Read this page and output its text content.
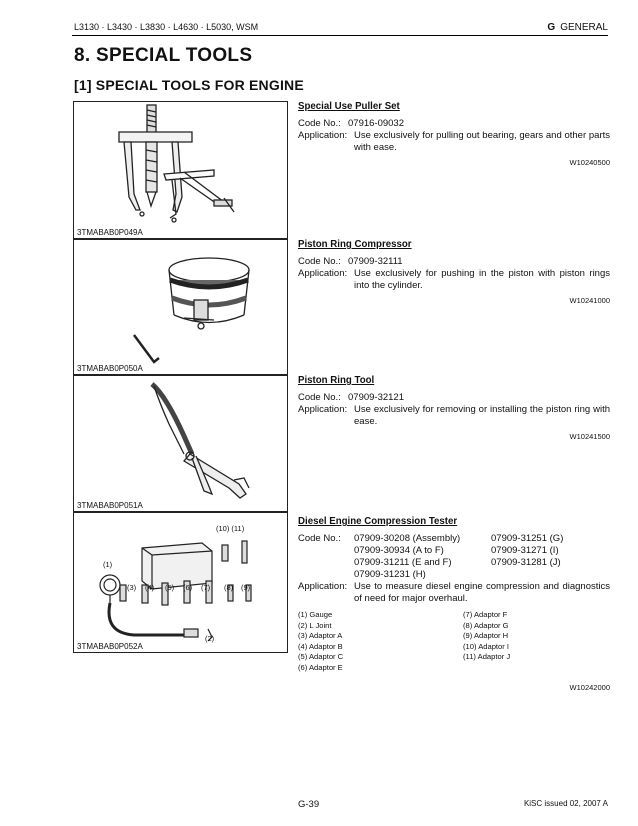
L3130 · L3430 · L3830 · L4630 · L5030, WSM	G GENERAL
8. SPECIAL TOOLS
[1] SPECIAL TOOLS FOR ENGINE
3TMABAB0P049A
Special Use Puller Set
Code No.: 07916-09032
Application: Use exclusively for pulling out bearing, gears and other parts with ease.
W10240500
3TMABAB0P050A
Piston Ring Compressor
Code No.: 07909-32111
Application: Use exclusively for pushing in the piston with piston rings into the cylinder.
W10241000
3TMABAB0P051A
Piston Ring Tool
Code No.: 07909-32121
Application: Use exclusively for removing or installing the piston ring with ease.
W10241500
(1)
(2)
(3) (4) (5) (6) (7) (8) (9)
(10) (11)
3TMABAB0P052A
Diesel Engine Compression Tester
Code No.:	07909-30208 (Assembly)	07909-31251 (G)
07909-30934 (A to F)	07909-31271 (I)
07909-31211 (E and F)	07909-31281 (J)
07909-31231 (H)
Application: Use to measure diesel engine compression and diagnostics of need for major overhaul.
(1) Gauge	(7) Adaptor F
(2) L Joint	(8) Adaptor G
(3) Adaptor A	(9) Adaptor H
(4) Adaptor B	(10) Adaptor I
(5) Adaptor C	(11) Adaptor J
(6) Adaptor E
W10242000
G-39	KiSC issued 02, 2007 A
